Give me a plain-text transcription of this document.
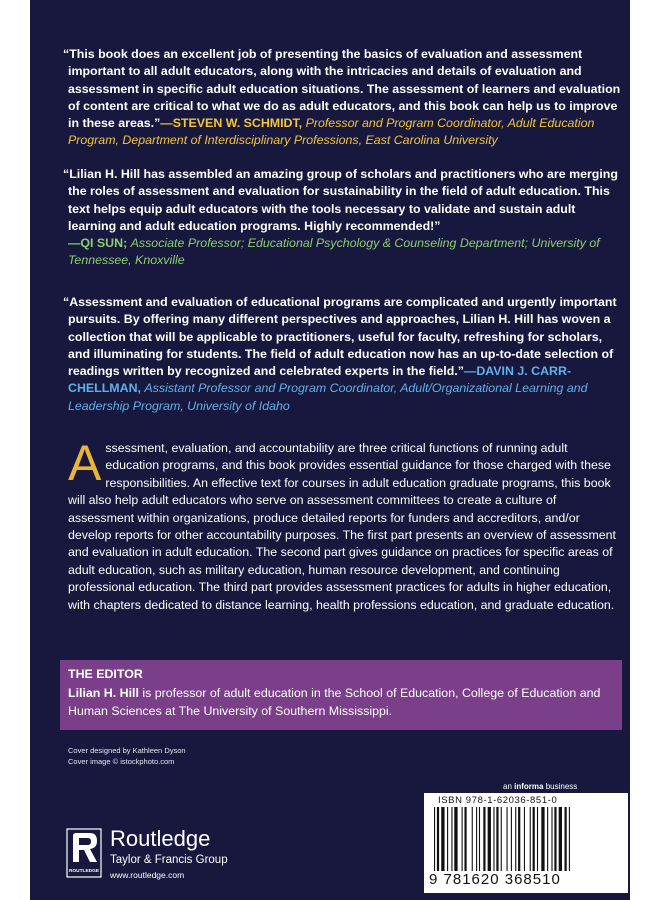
“This book does an excellent job of presenting the basics of evaluation and assessment important to all adult educators, along with the intricacies and details of evaluation and assessment in specific adult education situations. The assessment of learners and evaluation of content are critical to what we do as adult educators, and this book can help us to improve in these areas.”—STEVEN W. SCHMIDT, Professor and Program Coordinator, Adult Education Program, Department of Interdisciplinary Professions, East Carolina University

“Lilian H. Hill has assembled an amazing group of scholars and practitioners who are merging the roles of assessment and evaluation for sustainability in the field of adult education. This text helps equip adult educators with the tools necessary to validate and sustain adult learning and adult education programs. Highly recommended!”
—QI SUN; Associate Professor; Educational Psychology & Counseling Department; University of Tennessee, Knoxville

“Assessment and evaluation of educational programs are complicated and urgently important pursuits. By offering many different perspectives and approaches, Lilian H. Hill has woven a collection that will be applicable to practitioners, useful for faculty, refreshing for scholars, and illuminating for students. The field of adult education now has an up-to-date selection of readings written by recognized and celebrated experts in the field.”—DAVIN J. CARR-CHELLMAN, Assistant Professor and Program Coordinator, Adult/Organizational Learning and Leadership Program, University of Idaho

Assessment, evaluation, and accountability are three critical functions of running adult education programs, and this book provides essential guidance for those charged with these responsibilities. An effective text for courses in adult education graduate programs, this book will also help adult educators who serve on assessment committees to create a culture of assessment within organizations, produce detailed reports for funders and accreditors, and/or develop reports for other accountability purposes. The first part presents an overview of assessment and evaluation in adult education. The second part gives guidance on practices for specific areas of adult education, such as military education, human resource development, and continuing professional education. The third part provides assessment practices for adults in higher education, with chapters dedicated to distance learning, health professions education, and graduate education.
THE EDITOR
Lilian H. Hill is professor of adult education in the School of Education, College of Education and Human Sciences at The University of Southern Mississippi.
Cover designed by Kathleen Dyson
Cover image © istockphoto.com
ROUTLEDGE
Routledge
Taylor & Francis Group
www.routledge.com
an informa business
ISBN 978-1-62036-851-0
9 781620 368510
